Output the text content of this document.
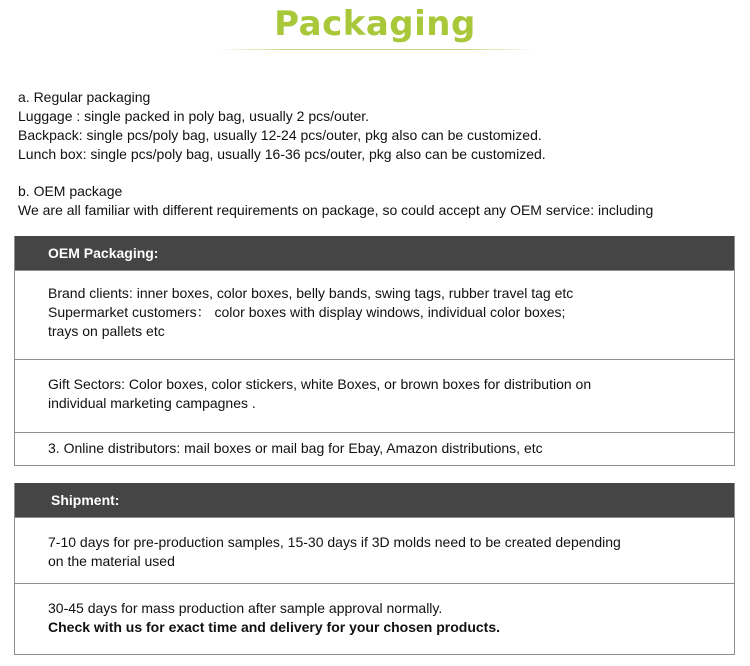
Packaging

a. Regular packaging

Luggage : single packed in poly bag, usually 2 pcs/outer.

Backpack: single pcs/poly bag, usually 12-24 pcs/outer, pkg also can be customized.

Lunch box: single pcs/poly bag, usually 16-36 pcs/outer, pkg also can be customized.

b. OEM package

We are all familiar with different requirements on package, so could accept any OEM service: including

OEM Packaging:

Brand clients: inner boxes, color boxes, belly bands, swing tags, rubber travel tag etc

Supermarket customers： color boxes with display windows, individual color boxes;

trays on pallets etc

Gift Sectors: Color boxes, color stickers, white Boxes, or brown boxes for distribution on

individual marketing campagnes .

3. Online distributors: mail boxes or mail bag for Ebay, Amazon distributions, etc

Shipment:

7-10 days for pre-production samples, 15-30 days if 3D molds need to be created depending

on the material used

30-45 days for mass production after sample approval normally.

Check with us for exact time and delivery for your chosen products.
